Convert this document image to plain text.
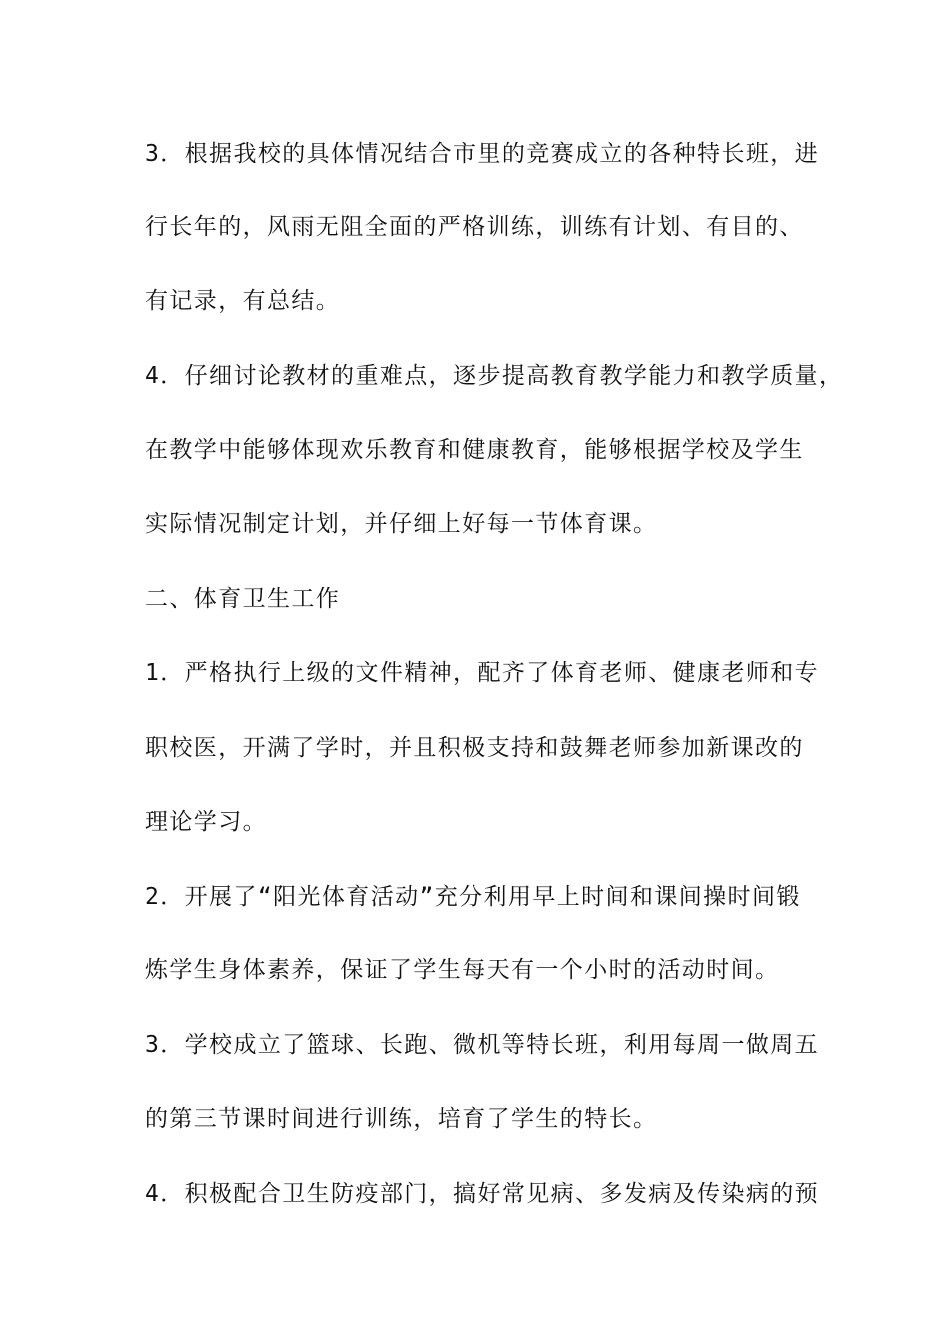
3．根据我校的具体情况结合市里的竞赛成立的各种特长班，进

行长年的，风雨无阻全面的严格训练，训练有计划、有目的、

有记录，有总结。

4．仔细讨论教材的重难点，逐步提高教育教学能力和教学质量，

在教学中能够体现欢乐教育和健康教育，能够根据学校及学生

实际情况制定计划，并仔细上好每一节体育课。

二、体育卫生工作

1．严格执行上级的文件精神，配齐了体育老师、健康老师和专

职校医，开满了学时，并且积极支持和鼓舞老师参加新课改的

理论学习。

2．开展了“阳光体育活动”充分利用早上时间和课间操时间锻

炼学生身体素养，保证了学生每天有一个小时的活动时间。

3．学校成立了篮球、长跑、微机等特长班，利用每周一做周五

的第三节课时间进行训练，培育了学生的特长。

4．积极配合卫生防疫部门，搞好常见病、多发病及传染病的预
